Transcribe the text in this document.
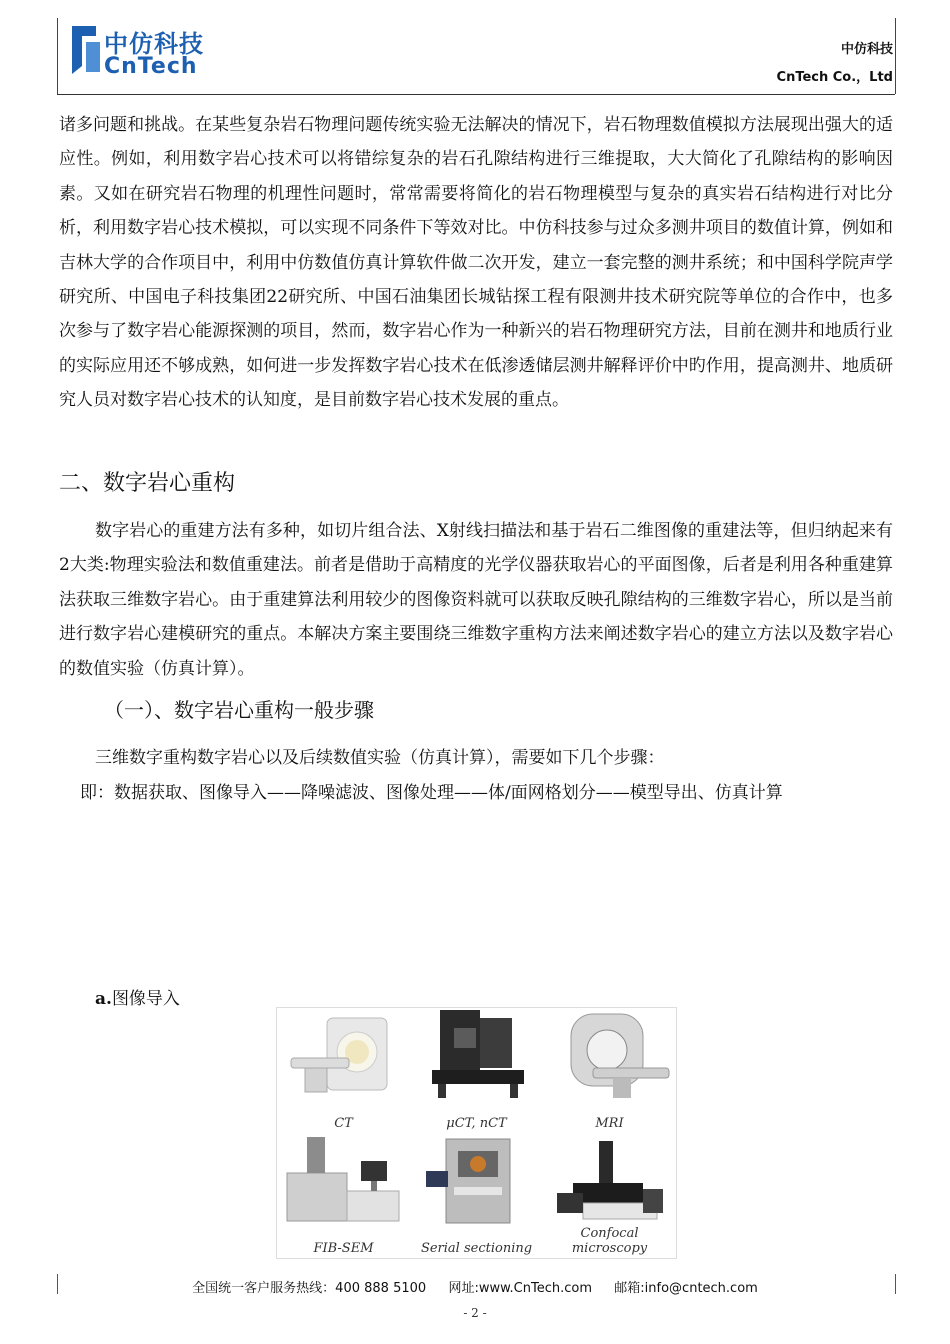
中仿科技
CnTech
中仿科技
CnTech Co.，Ltd
诸多问题和挑战。在某些复杂岩石物理问题传统实验无法解决的情况下，岩石物理数值模拟方法展现出强大的适应性。例如，利用数字岩心技术可以将错综复杂的岩石孔隙结构进行三维提取，大大简化了孔隙结构的影响因素。又如在研究岩石物理的机理性问题时，常常需要将简化的岩石物理模型与复杂的真实岩石结构进行对比分析，利用数字岩心技术模拟，可以实现不同条件下等效对比。中仿科技参与过众多测井项目的数值计算，例如和吉林大学的合作项目中，利用中仿数值仿真计算软件做二次开发，建立一套完整的测井系统；和中国科学院声学研究所、中国电子科技集团22研究所、中国石油集团长城钻探工程有限测井技术研究院等单位的合作中，也多次参与了数字岩心能源探测的项目，然而，数字岩心作为一种新兴的岩石物理研究方法，目前在测井和地质行业的实际应用还不够成熟，如何进一步发挥数字岩心技术在低渗透储层测井解释评价中旳作用，提高测井、地质研究人员对数字岩心技术的认知度，是目前数字岩心技术发展的重点。
二、数字岩心重构
数字岩心的重建方法有多种，如切片组合法、X射线扫描法和基于岩石二维图像的重建法等，但归纳起来有2大类:物理实验法和数值重建法。前者是借助于高精度的光学仪器获取岩心的平面图像，后者是利用各种重建算法获取三维数字岩心。由于重建算法利用较少的图像资料就可以获取反映孔隙结构的三维数字岩心，所以是当前进行数字岩心建模研究的重点。本解决方案主要围绕三维数字重构方法来阐述数字岩心的建立方法以及数字岩心的数值实验（仿真计算）。
（一）、数字岩心重构一般步骤
三维数字重构数字岩心以及后续数值实验（仿真计算），需要如下几个步骤：
即：数据获取、图像导入——降噪滤波、图像处理——体/面网格划分——模型导出、仿真计算
a.图像导入
CT	μCT, nCT	MRI
FIB-SEM	Serial sectioning
Confocal microscopy
全国统一客户服务热线：400 888 5100 网址:www.CnTech.com 邮箱:info@cntech.com
- 2 -
